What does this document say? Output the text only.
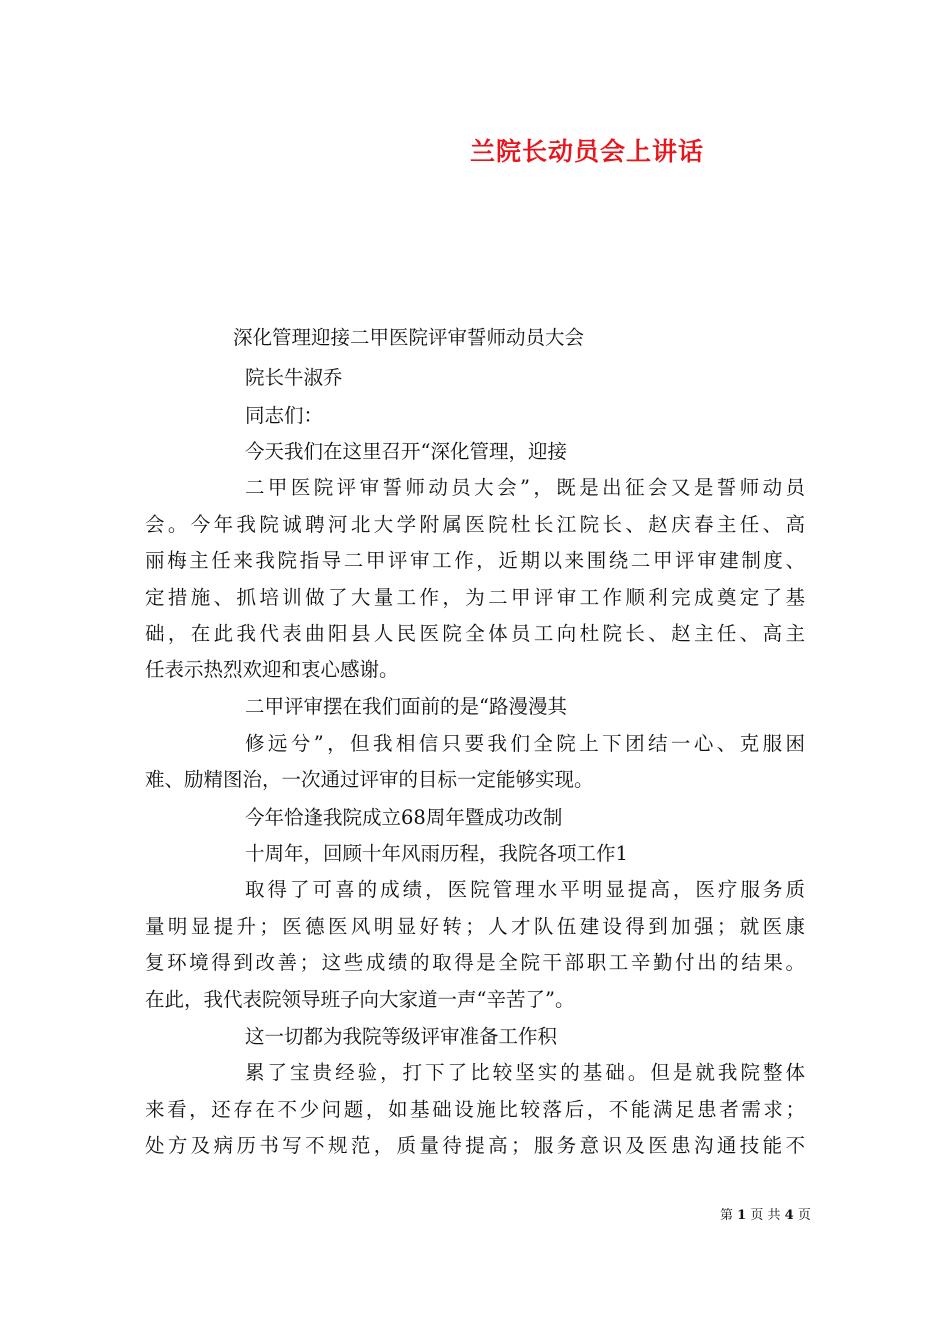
兰院长动员会上讲话
深化管理迎接二甲医院评审誓师动员大会
院长牛淑乔
同志们：
今天我们在这里召开“深化管理，迎接
二甲医院评审誓师动员大会”，既是出征会又是誓师动员
会。今年我院诚聘河北大学附属医院杜长江院长、赵庆春主任、高
丽梅主任来我院指导二甲评审工作，近期以来围绕二甲评审建制度、
定措施、抓培训做了大量工作，为二甲评审工作顺利完成奠定了基
础，在此我代表曲阳县人民医院全体员工向杜院长、赵主任、高主
任表示热烈欢迎和衷心感谢。
二甲评审摆在我们面前的是“路漫漫其
修远兮”，但我相信只要我们全院上下团结一心、克服困
难、励精图治，一次通过评审的目标一定能够实现。
今年恰逢我院成立68周年暨成功改制
十周年，回顾十年风雨历程，我院各项工作1
取得了可喜的成绩，医院管理水平明显提高，医疗服务质
量明显提升；医德医风明显好转；人才队伍建设得到加强；就医康
复环境得到改善；这些成绩的取得是全院干部职工辛勤付出的结果。
在此，我代表院领导班子向大家道一声“辛苦了”。
这一切都为我院等级评审准备工作积
累了宝贵经验，打下了比较坚实的基础。但是就我院整体
来看，还存在不少问题，如基础设施比较落后，不能满足患者需求；
处方及病历书写不规范，质量待提高；服务意识及医患沟通技能不
第 1 页 共 4 页
